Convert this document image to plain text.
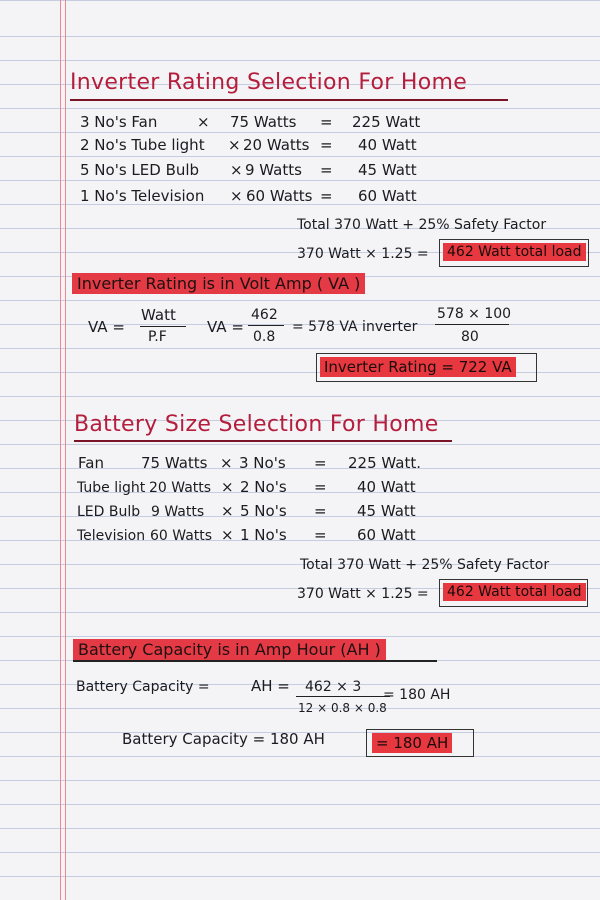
Inverter Rating Selection For Home
3 No's Fan	× 75 Watts = 225 Watt
2 No's Tube light × 20 Watts = 40 Watt
5 No's LED Bulb × 9 Watts = 45 Watt
1 No's Television × 60 Watts = 60 Watt
Total 370 Watt + 25% Safety Factor
370 Watt × 1.25 = 462 Watt total load
Inverter Rating is in Volt Amp ( VA )
VA =
Watt
P.F
VA =
462
0.8
= 578 VA inverter
578 × 100
80
Inverter Rating = 722 VA
Battery Size Selection For Home
Fan 75 Watts × 3 No's = 225 Watt.
Tube light 20 Watts × 2 No's = 40 Watt
LED Bulb 9 Watts × 5 No's = 45 Watt
Television 60 Watts × 1 No's = 60 Watt
Total 370 Watt + 25% Safety Factor
370 Watt × 1.25 = 462 Watt total load
Battery Capacity is in Amp Hour (AH )
Battery Capacity =	AH = 462 × 3
12 × 0.8 × 0.8
= 180 AH
Battery Capacity = 180 AH	= 180 AH
